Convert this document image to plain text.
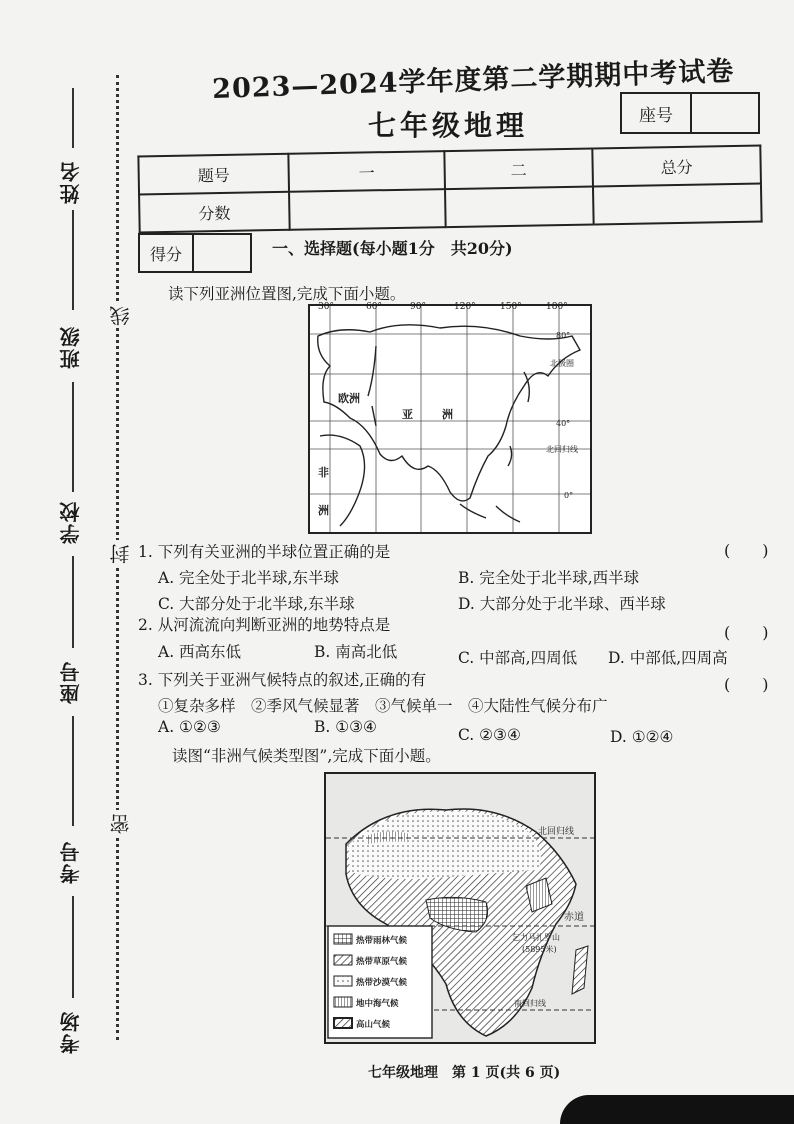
姓名
班级
学校
座号
考号
考场
线
封
密
2023—2024学年度第二学期期中考试卷
七年级地理	座号
题号	一	二	总分
分数			
得分	一、选择题(每小题1分　共20分)
读下列亚洲位置图,完成下面小题。
欧洲
亚	洲
非
洲
80°
北极圈
40°
北回归线
0°
30°	60°	90°	120°	150°	180°
1. 下列有关亚洲的半球位置正确的是	(　　)
A. 完全处于北半球,东半球	B. 完全处于北半球,西半球
C. 大部分处于北半球,东半球	D. 大部分处于北半球、西半球
2. 从河流流向判断亚洲的地势特点是	(　　)
A. 西高东低	B. 南高北低	C. 中部高,四周低 D. 中部低,四周高
3. 下列关于亚洲气候特点的叙述,正确的有	(　　)
①复杂多样　②季风气候显著　③气候单一　④大陆性气候分布广
A. ①②③	B. ①③④	C. ②③④	D. ①②④
读图“非洲气候类型图”,完成下面小题。
北回归线
赤道
乞力马扎罗山
(5895米)
南回归线
热带雨林气候
热带草原气候
热带沙漠气候
地中海气候
高山气候
七年级地理　第 1 页(共 6 页)
